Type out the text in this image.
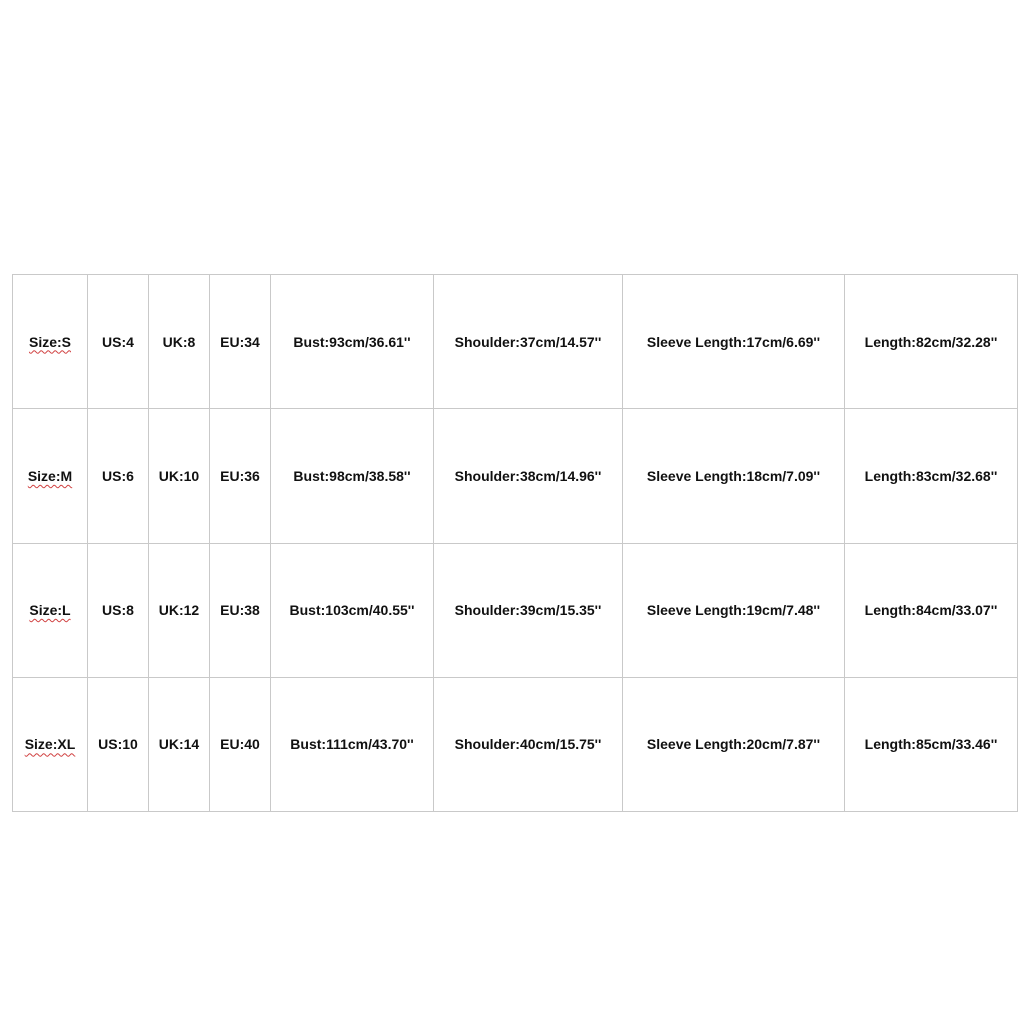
Size:S	US:4	UK:8	EU:34	Bust:93cm/36.61''	Shoulder:37cm/14.57''	Sleeve Length:17cm/6.69''	Length:82cm/32.28''
Size:M	US:6	UK:10	EU:36	Bust:98cm/38.58''	Shoulder:38cm/14.96''	Sleeve Length:18cm/7.09''	Length:83cm/32.68''
Size:L	US:8	UK:12	EU:38	Bust:103cm/40.55''	Shoulder:39cm/15.35''	Sleeve Length:19cm/7.48''	Length:84cm/33.07''
Size:XL	US:10	UK:14	EU:40	Bust:111cm/43.70''	Shoulder:40cm/15.75''	Sleeve Length:20cm/7.87''	Length:85cm/33.46''
